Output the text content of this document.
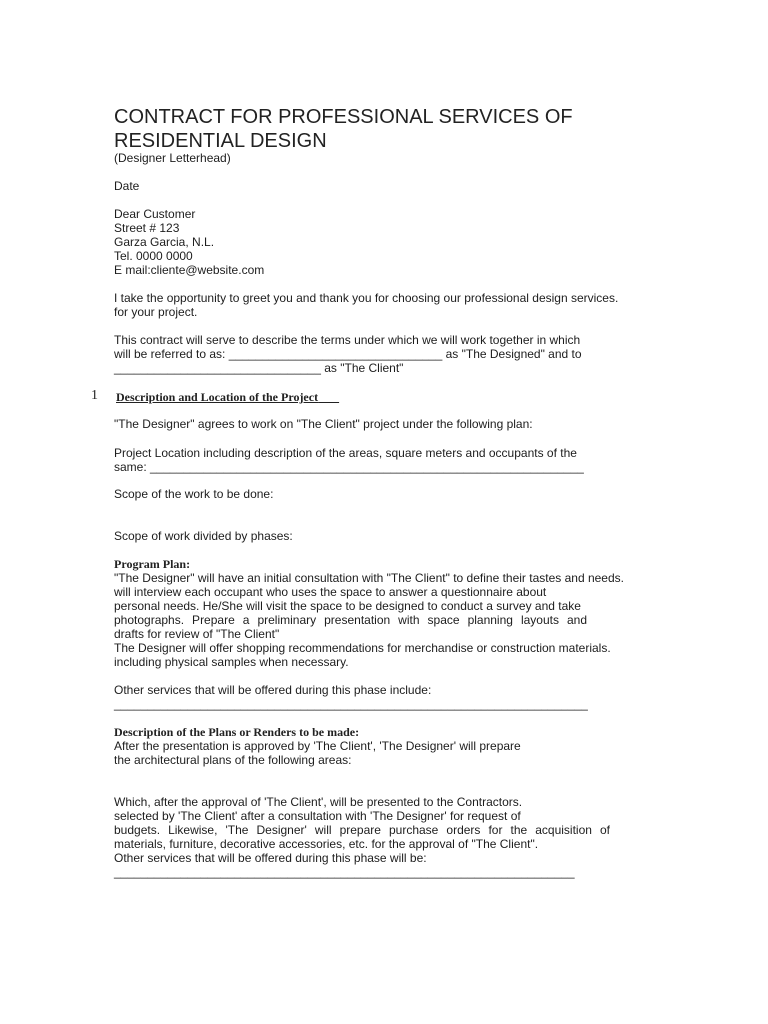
CONTRACT FOR PROFESSIONAL SERVICES OF
RESIDENTIAL DESIGN
(Designer Letterhead)
Date
Dear Customer
Street # 123
Garza Garcia, N.L.
Tel. 0000 0000
E mail:cliente@website.com
I take the opportunity to greet you and thank you for choosing our professional design services.
for your project.
This contract will serve to describe the terms under which we will work together in which
will be referred to as: ________________________________ as "The Designed" and to
_______________________________ as "The Client"
1 Description and Location of the Project
"The Designer" agrees to work on "The Client" project under the following plan:
Project Location including description of the areas, square meters and occupants of the
same: _________________________________________________________________
Scope of the work to be done:
Scope of work divided by phases:
Program Plan:
"The Designer" will have an initial consultation with "The Client" to define their tastes and needs.
will interview each occupant who uses the space to answer a questionnaire about
personal needs. He/She will visit the space to be designed to conduct a survey and take
photographs. Prepare a preliminary presentation with space planning layouts and
drafts for review of "The Client"
The Designer will offer shopping recommendations for merchandise or construction materials.
including physical samples when necessary.
Other services that will be offered during this phase include:
_______________________________________________________________________
Description of the Plans or Renders to be made:
After the presentation is approved by 'The Client', 'The Designer' will prepare
the architectural plans of the following areas:
Which, after the approval of 'The Client', will be presented to the Contractors.
selected by 'The Client' after a consultation with 'The Designer' for request of
budgets. Likewise, 'The Designer' will prepare purchase orders for the acquisition of
materials, furniture, decorative accessories, etc. for the approval of "The Client".
Other services that will be offered during this phase will be:
_____________________________________________________________________
